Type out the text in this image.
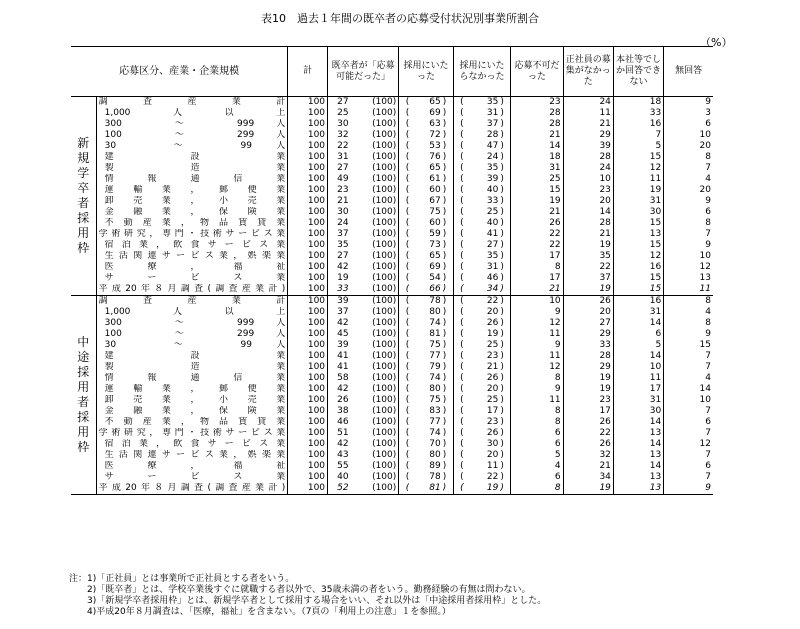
表10　過去１年間の既卒者の応募受付状況別事業所割合
（%）
応募区分、産業・企業規模		計	既卒者が「応募可能だった」		採用にいたった			採用にいたらなかった			応募不可だった	正社員の募集がなかった	本社等でしか回答できない	無回答
新規学卒者採用枠	調査産業計	100	27	(100)	(	65	)	(	35	)	23	24	18	9
	1,000人以上	100	25	(100)	(	69	)	(	31	)	28	11	33	3
	300　～　999人	100	30	(100)	(	63	)	(	37	)	28	21	16	6
	100　～　299人	100	32	(100)	(	72	)	(	28	)	21	29	7	10
	30　～　99人	100	22	(100)	(	53	)	(	47	)	14	39	5	20
	建設業	100	31	(100)	(	76	)	(	24	)	18	28	15	8
	製造業	100	27	(100)	(	65	)	(	35	)	31	24	12	7
	情報通信業	100	49	(100)	(	61	)	(	39	)	25	10	11	4
	運輸業，郵便業	100	23	(100)	(	60	)	(	40	)	15	23	19	20
	卸売業，小売業	100	21	(100)	(	67	)	(	33	)	19	20	31	9
	金融業，保険業	100	30	(100)	(	75	)	(	25	)	21	14	30	6
	不動産業，物品賃貸業	100	24	(100)	(	60	)	(	40	)	26	28	15	8
	学術研究，専門・技術サービス業	100	37	(100)	(	59	)	(	41	)	22	21	13	7
	宿泊業，飲食サービス業	100	35	(100)	(	73	)	(	27	)	22	19	15	9
	生活関連サービス業，娯楽業	100	27	(100)	(	65	)	(	35	)	17	35	12	10
	医療，福祉	100	42	(100)	(	69	)	(	31	)	8	22	16	12
	サービス業	100	19	(100)	(	54	)	(	46	)	17	37	15	13
	平成20年８月調査(調査産業計)	100	33	(100)	(	66	)	(	34	)	21	19	15	11
中途採用者採用枠	調査産業計	100	39	(100)	(	78	)	(	22	)	10	26	16	8
	1,000人以上	100	37	(100)	(	80	)	(	20	)	9	20	31	4
	300　～　999人	100	42	(100)	(	74	)	(	26	)	12	27	14	8
	100　～　299人	100	45	(100)	(	81	)	(	19	)	11	29	6	9
	30　～　99人	100	39	(100)	(	75	)	(	25	)	9	33	5	15
	建設業	100	41	(100)	(	77	)	(	23	)	11	28	14	7
	製造業	100	41	(100)	(	79	)	(	21	)	12	29	10	7
	情報通信業	100	58	(100)	(	74	)	(	26	)	8	19	11	4
	運輸業，郵便業	100	42	(100)	(	80	)	(	20	)	9	19	17	14
	卸売業，小売業	100	26	(100)	(	75	)	(	25	)	11	23	31	10
	金融業，保険業	100	38	(100)	(	83	)	(	17	)	8	17	30	7
	不動産業，物品賃貸業	100	46	(100)	(	77	)	(	23	)	8	26	14	6
	学術研究，専門・技術サービス業	100	51	(100)	(	74	)	(	26	)	6	22	13	7
	宿泊業，飲食サービス業	100	42	(100)	(	70	)	(	30	)	6	26	14	12
	生活関連サービス業，娯楽業	100	43	(100)	(	80	)	(	20	)	5	32	13	7
	医療，福祉	100	55	(100)	(	89	)	(	11	)	4	21	14	6
	サービス業	100	40	(100)	(	78	)	(	22	)	6	34	13	7
	平成20年８月調査(調査産業計)	100	52	(100)	(	81	)	(	19	)	8	19	13	9
注：1)「正社員」とは事業所で正社員とする者をいう。
　　2)「既卒者」とは、学校卒業後すぐに就職する者以外で、35歳未満の者をいう。勤務経験の有無は問わない。
　　3)「新規学卒者採用枠」とは、新規学卒者として採用する場合をいい、それ以外は「中途採用者採用枠」とした。
　　4)平成20年８月調査は、「医療，福祉」を含まない。（7頁の「利用上の注意」１を参照。）
